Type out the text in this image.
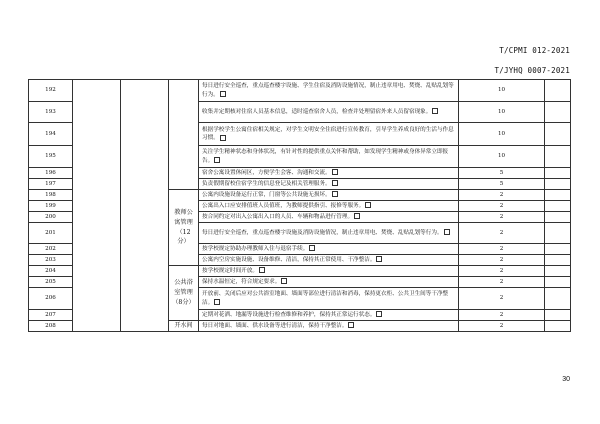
T/CPMI 012-2021
T/JYHQ 0007-2021
192				每日进行安全巡查，重点巡查楼宇设施、学生住宿及消防设施情况，制止违章用电、焚烧、乱贴乱划等行为。	10	
193				收集并定期核对住宿人员基本信息，适时巡查宿舍人员，检查并处理留宿外来人员留宿现象。	10	
194				根据学校学生公寓住宿相关规定，对学生文明安全住宿进行宣传教育，引导学生养成良好的生活与作息习惯。	10	
195				关注学生精神状态和身体状况，有针对性的提供重点关怀和帮助，如发现学生精神或身体异常立即报告。	10	
196				宿舍公寓设置休闲区，方便学生会客、沟通和交流。	5	
197				负责假期留校住宿学生的信息登记及相关管理服务。	5	
198			教师公寓管理（12分）	公寓内设施设备运行正常，门窗等公共设施无损坏。	2	
199				公寓出入口应安排值班人员值班，为教师提供指引、报修等服务。	2	
200				按合同约定对出入公寓出入口的人员、车辆和物品进行管理。	2	
201				每日进行安全巡查，重点巡查楼宇设施及消防设施情况，制止违章用电、焚烧、乱贴乱划等行为。	2	
202				按学校规定协助办理教师入住与退宿手续。	2	
203				公寓内空房实施设施、设备维修、清洁，保持其正常使用、干净整洁。	2	
204			公共浴室管理（8分）	按学校规定时间开放。	2	
205				保持水温恒定，符合规定要求。	2	
206				开放前、关闭后应对公共浴室地面、墙面等部位进行清洁和消毒，保持更衣柜、公共卫生间等干净整洁。	2	
207				定期对花洒、地漏等设施进行检查维修和养护，保持其正常运行状态。	2	
208			开水间	每日对地面、墙面、供水设备等进行清洁，保持干净整洁。	2	
30
